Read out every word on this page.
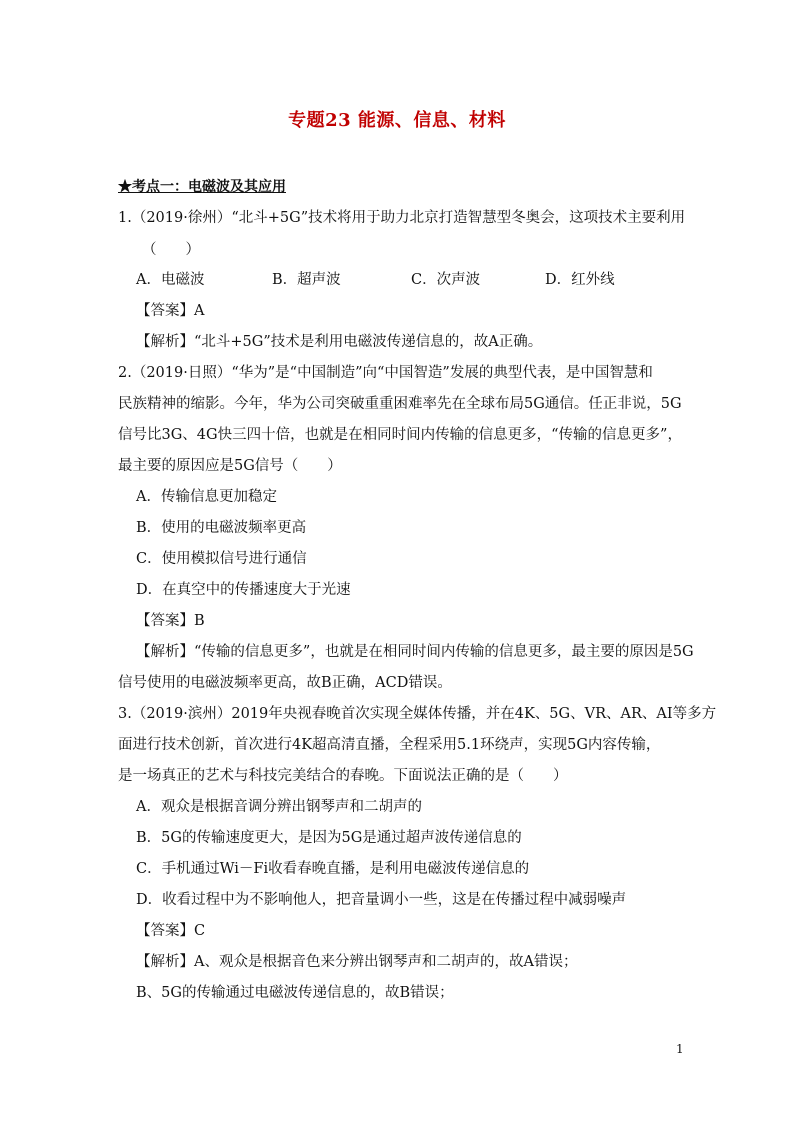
专题23 能源、信息、材料
★考点一：电磁波及其应用
1.（2019·徐州）“北斗+5G”技术将用于助力北京打造智慧型冬奥会，这项技术主要利用
（　　）
A．电磁波	B．超声波	C．次声波	D．红外线
【答案】A
【解析】“北斗+5G”技术是利用电磁波传递信息的，故A正确。
2.（2019·日照）“华为”是“中国制造”向“中国智造”发展的典型代表，是中国智慧和
民族精神的缩影。今年，华为公司突破重重困难率先在全球布局5G通信。任正非说，5G
信号比3G、4G快三四十倍，也就是在相同时间内传输的信息更多，“传输的信息更多”，
最主要的原因应是5G信号（　　）
A．传输信息更加稳定
B．使用的电磁波频率更高
C．使用模拟信号进行通信
D．在真空中的传播速度大于光速
【答案】B
【解析】“传输的信息更多”，也就是在相同时间内传输的信息更多，最主要的原因是5G
信号使用的电磁波频率更高，故B正确，ACD错误。
3.（2019·滨州）2019年央视春晚首次实现全媒体传播，并在4K、5G、VR、AR、AI等多方
面进行技术创新，首次进行4K超高清直播，全程采用5.1环绕声，实现5G内容传输，
是一场真正的艺术与科技完美结合的春晚。下面说法正确的是（　　）
A．观众是根据音调分辨出钢琴声和二胡声的
B．5G的传输速度更大，是因为5G是通过超声波传递信息的
C．手机通过Wi－Fi收看春晚直播，是利用电磁波传递信息的
D．收看过程中为不影响他人，把音量调小一些，这是在传播过程中减弱噪声
【答案】C
【解析】A、观众是根据音色来分辨出钢琴声和二胡声的，故A错误；
B、5G的传输通过电磁波传递信息的，故B错误；
1
